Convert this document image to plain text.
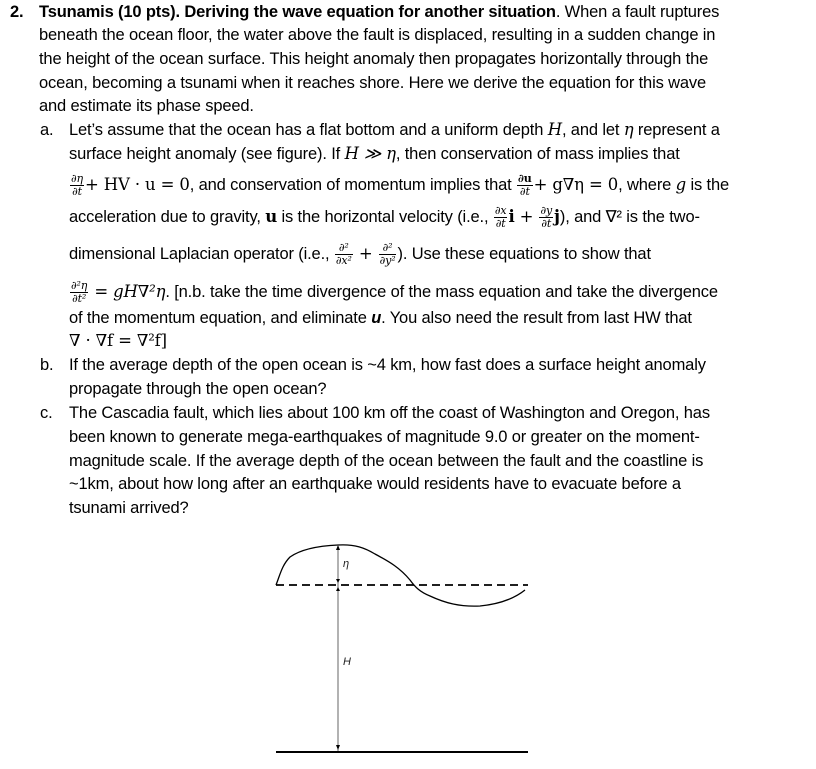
2. Tsunamis (10 pts). Deriving the wave equation for another situation. When a fault ruptures
beneath the ocean floor, the water above the fault is displaced, resulting in a sudden change in
the height of the ocean surface. This height anomaly then propagates horizontally through the
ocean, becoming a tsunami when it reaches shore. Here we derive the equation for this wave
and estimate its phase speed.
a. Let’s assume that the ocean has a flat bottom and a uniform depth H, and let η represent a
surface height anomaly (see figure). If H ≫ η, then conservation of mass implies that
$\frac{\partial\eta}{\partial t}$ + HV · u = 0, and conservation of momentum implies that $\frac{\partial u}{\partial t} + g\nabla\eta = 0$, where g is the
acceleration due to gravity, u is the horizontal velocity (i.e., $\frac{\partial x}{\partial t}$ $i + \frac{\partial y}{\partial t} j$), and ∇² is the two-
dimensional Laplacian operator (i.e., $\frac{\text{∂²}}{\text{∂x²}} + \frac{\text{∂²}}{\text{∂y²}}$ ). Use these equations to show that
$\frac{\text{∂²η}}{\text{∂t²}} = gH\nabla^2\eta$. [n.b. take the time divergence of the mass equation and take the divergence
of the momentum equation, and eliminate u. You also need the result from last HW that
∇ · ∇f = ∇²f]
b. If the average depth of the open ocean is ~4 km, how fast does a surface height anomaly
propagate through the open ocean?
c. The Cascadia fault, which lies about 100 km off the coast of Washington and Oregon, has
been known to generate mega-earthquakes of magnitude 9.0 or greater on the moment-
magnitude scale. If the average depth of the ocean between the fault and the coastline is
~1km, about how long after an earthquake would residents have to evacuate before a
tsunami arrived?
η
H
